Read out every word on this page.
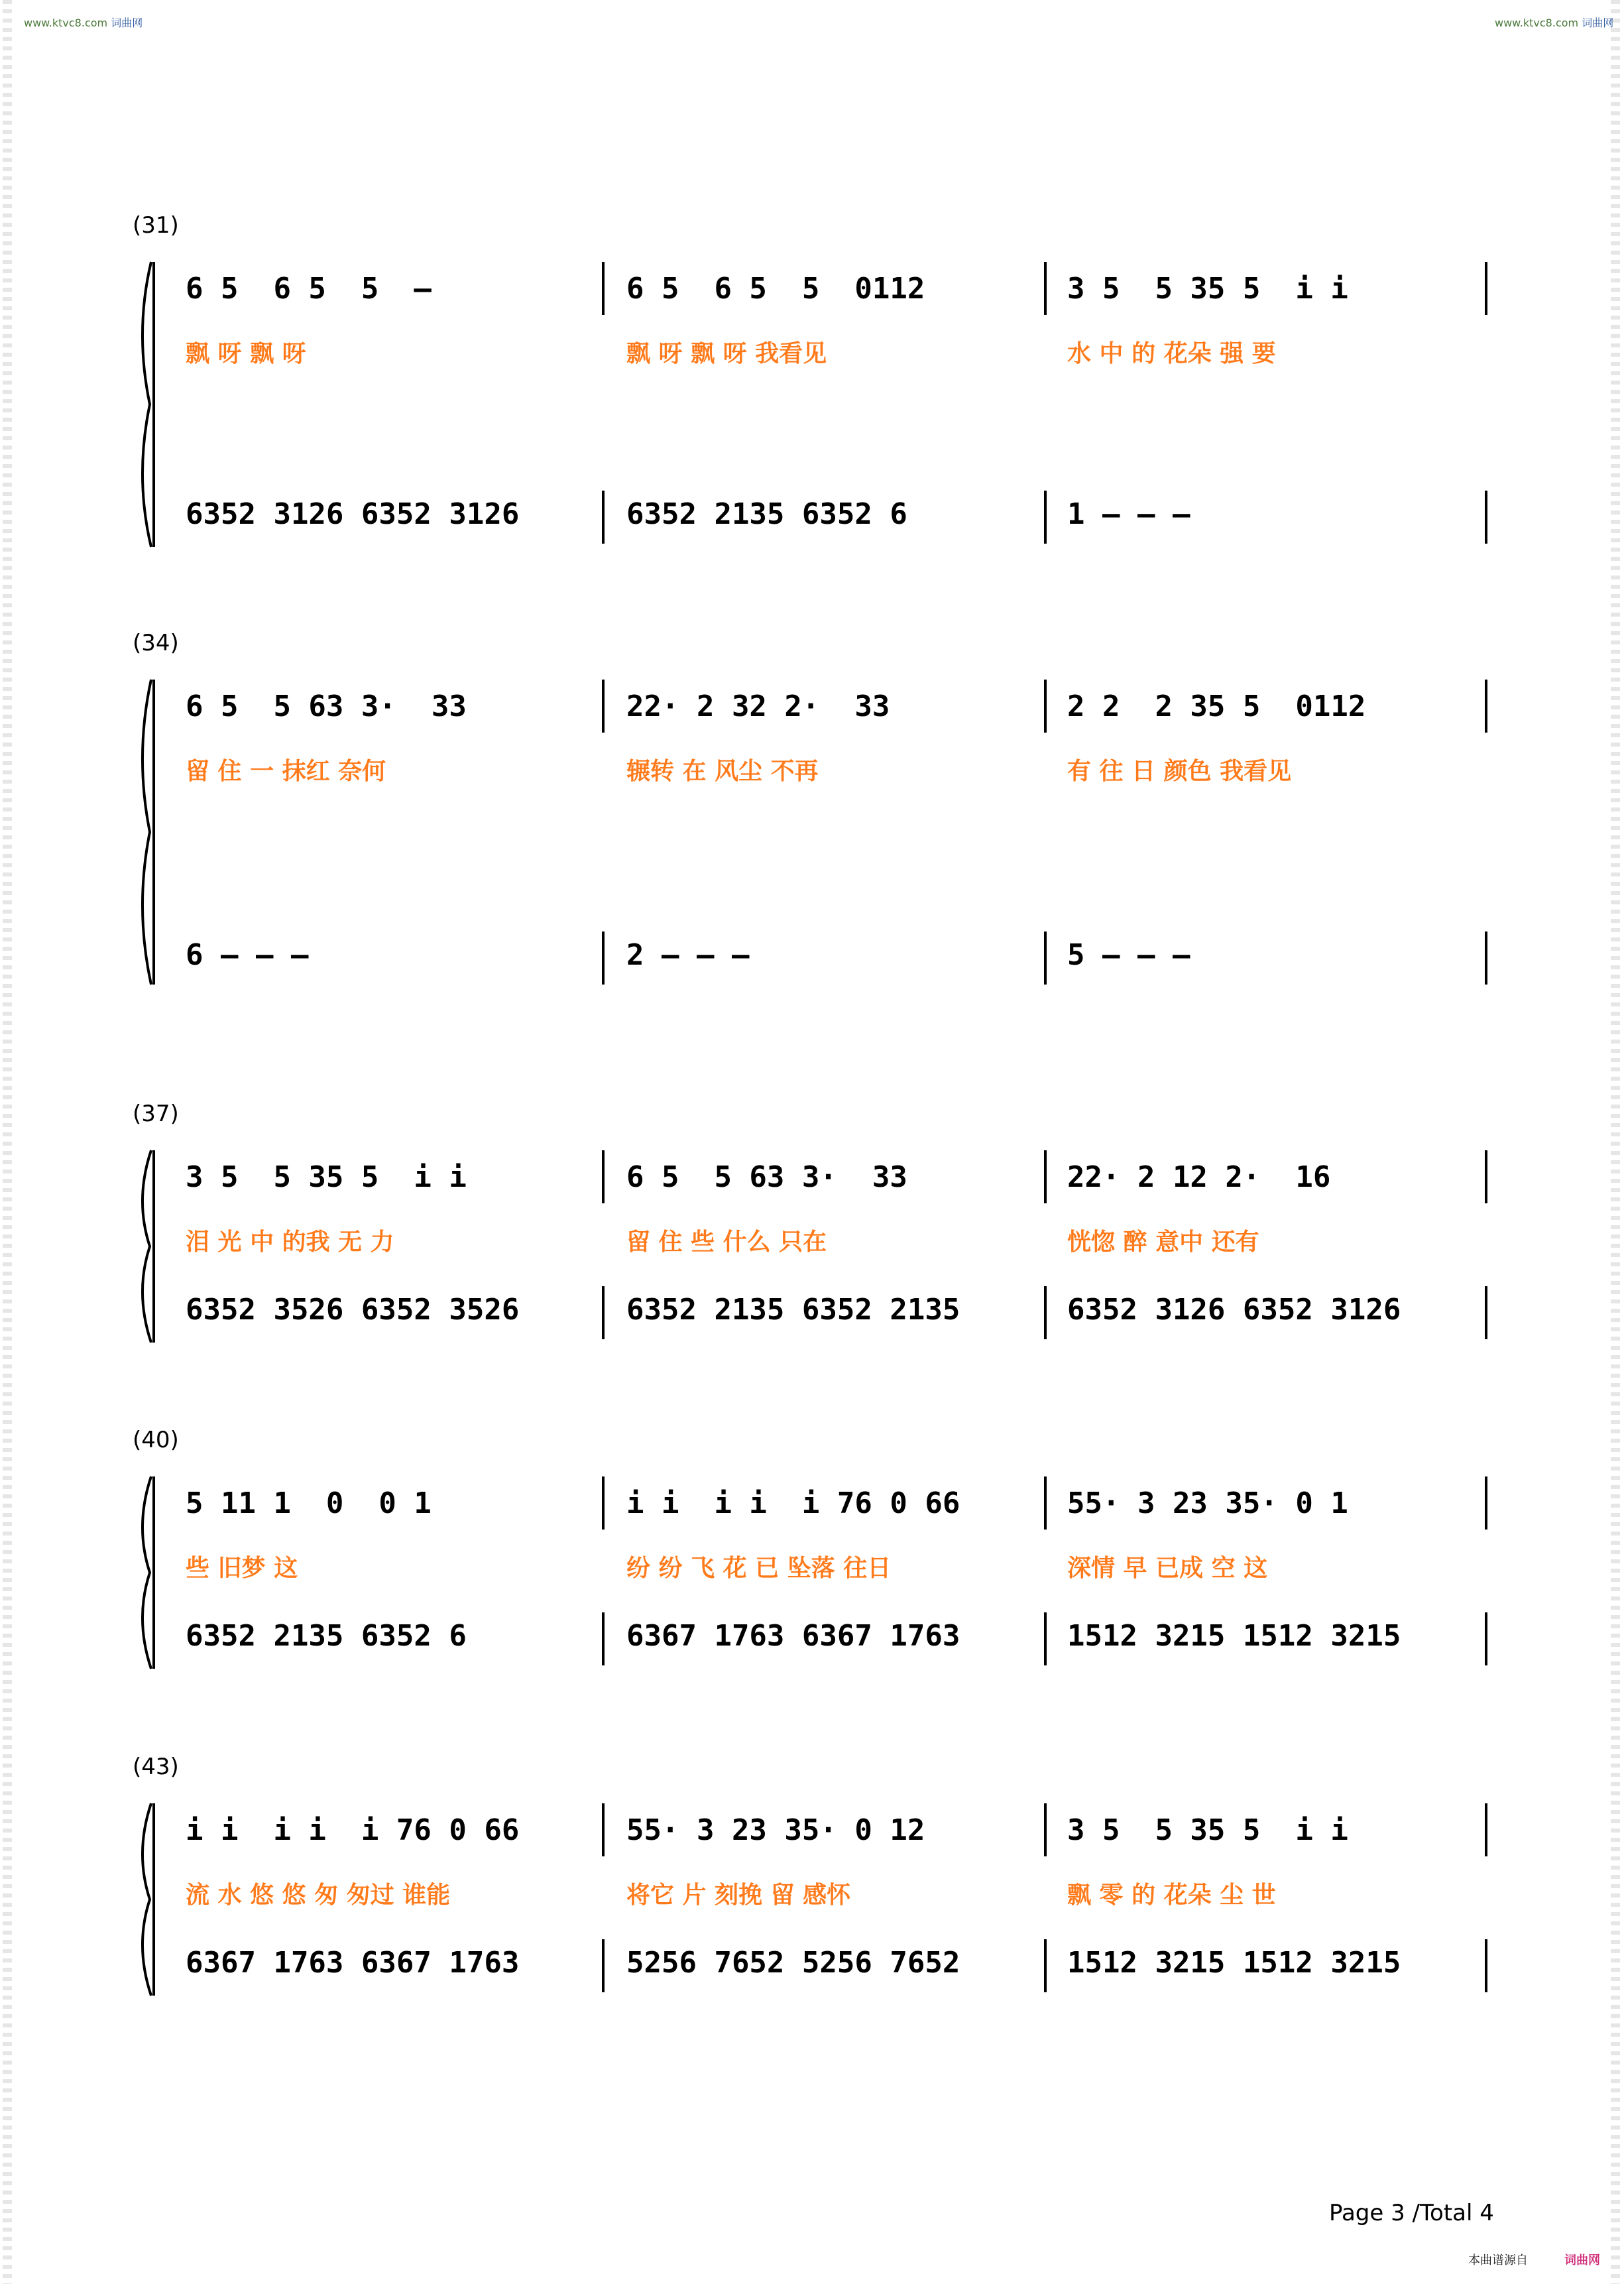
www.ktvc8.com 词曲网	www.ktvc8.com 词曲网
(31)
6 5  6 5  5  –	6 5  6 5  5  0112	3 5  5 35 5  i i
飘 呀 飘 呀	飘 呀 飘 呀 我看见	水 中 的 花朵 强 要
6352 3126 6352 3126	6352 2135 6352 6	1 – – –
(34)
6 5  5 63 3·  33	22· 2 32 2·  33	2 2  2 35 5  0112
留 住 一 抹红 奈何	辗转 在 风尘 不再	有 往 日 颜色 我看见
6 – – –	2 – – –	5 – – –
(37)
3 5  5 35 5  i i	6 5  5 63 3·  33	22· 2 12 2·  16
泪 光 中 的我 无 力	留 住 些 什么 只在	恍惚 醉 意中 还有
6352 3526 6352 3526	6352 2135 6352 2135	6352 3126 6352 3126
(40)
5 11 1  0  0 1	i i  i i  i 76 0 66	55· 3 23 35· 0 1
些 旧梦 这	纷 纷 飞 花 已 坠落 往日	深情 早 已成 空 这
6352 2135 6352 6	6367 1763 6367 1763	1512 3215 1512 3215
(43)
i i  i i  i 76 0 66	55· 3 23 35· 0 12	3 5  5 35 5  i i
流 水 悠 悠 匆 匆过 谁能	将它 片 刻挽 留 感怀	飘 零 的 花朵 尘 世
6367 1763 6367 1763	5256 7652 5256 7652	1512 3215 1512 3215
Page 3 /Total 4
本曲谱源自	词曲网
